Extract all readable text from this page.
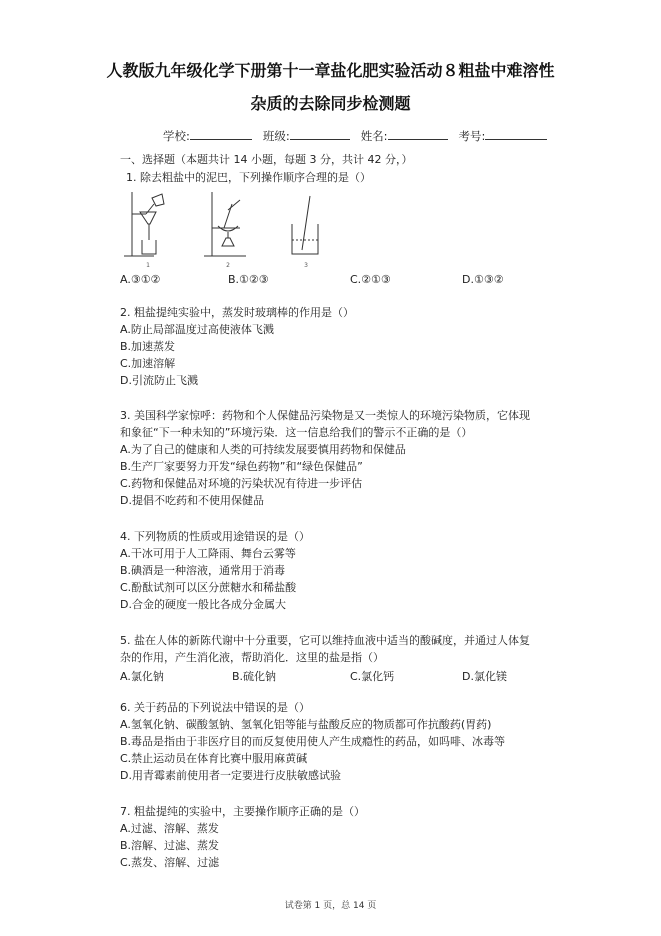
人教版九年级化学下册第十一章盐化肥实验活动８粗盐中难溶性
杂质的去除同步检测题
学校:	班级:	姓名:	考号:
一、选择题（本题共计 14 小题，每题 3 分，共计 42 分，）
1. 除去粗盐中的泥巴，下列操作顺序合理的是（）
1	2	3
A.③①②	B.①②③	C.②①③	D.①③②
2. 粗盐提纯实验中，蒸发时玻璃棒的作用是（）
A.防止局部温度过高使液体飞溅
B.加速蒸发
C.加速溶解
D.引流防止飞溅
3. 美国科学家惊呼：药物和个人保健品污染物是又一类惊人的环境污染物质，它体现
和象征“下一种未知的”环境污染．这一信息给我们的警示不正确的是（）
A.为了自己的健康和人类的可持续发展要慎用药物和保健品
B.生产厂家要努力开发“绿色药物”和“绿色保健品”
C.药物和保健品对环境的污染状况有待进一步评估
D.提倡不吃药和不使用保健品
4. 下列物质的性质或用途错误的是（）
A.干冰可用于人工降雨、舞台云雾等
B.碘酒是一种溶液，通常用于消毒
C.酚酞试剂可以区分蔗糖水和稀盐酸
D.合金的硬度一般比各成分金属大
5. 盐在人体的新陈代谢中十分重要，它可以维持血液中适当的酸碱度，并通过人体复
杂的作用，产生消化液，帮助消化．这里的盐是指（）
A.氯化钠	B.硫化钠	C.氯化钙	D.氯化镁
6. 关于药品的下列说法中错误的是（）
A.氢氧化钠、碳酸氢钠、氢氧化铝等能与盐酸反应的物质都可作抗酸药(胃药)
B.毒品是指由于非医疗目的而反复使用使人产生成瘾性的药品，如吗啡、冰毒等
C.禁止运动员在体育比赛中服用麻黄碱
D.用青霉素前使用者一定要进行皮肤敏感试验
7. 粗盐提纯的实验中，主要操作顺序正确的是（）
A.过滤、溶解、蒸发
B.溶解、过滤、蒸发
C.蒸发、溶解、过滤
试卷第 1 页，总 14 页
